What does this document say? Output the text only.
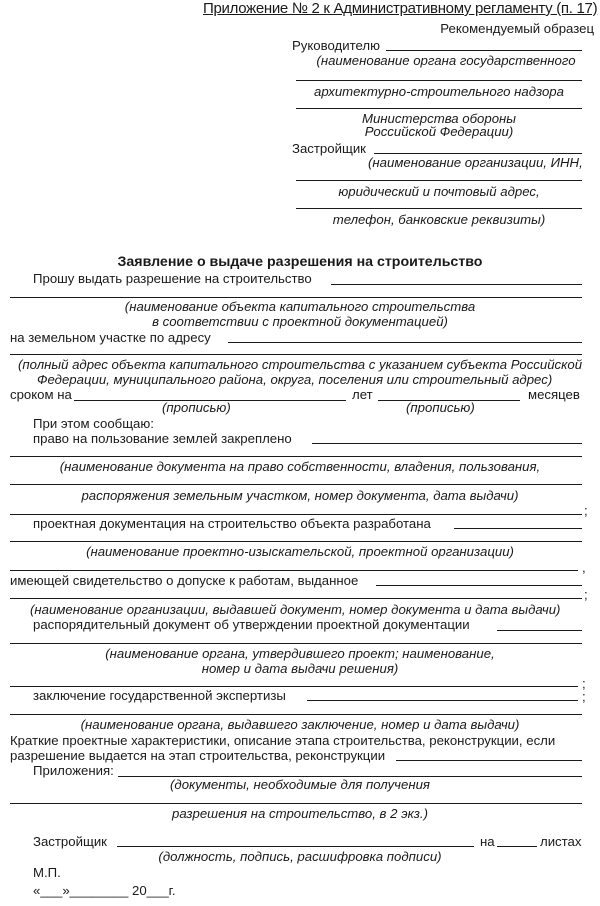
Приложение № 2 к Административному регламенту (п. 17)
Рекомендуемый образец
Руководителю
(наименование органа государственного
архитектурно-строительного надзора
Министерства обороны
Российской Федерации)
Застройщик
(наименование организации, ИНН,
юридический и почтовый адрес,
телефон, банковские реквизиты)
Заявление о выдаче разрешения на строительство
Прошу выдать разрешение на строительство
(наименование объекта капитального строительства
в соответствии с проектной документацией)
на земельном участке по адресу
(полный адрес объекта капитального строительства с указанием субъекта Российской
Федерации, муниципального района, округа, поселения или строительный адрес)
сроком на	лет	месяцев
(прописью)	(прописью)
При этом сообщаю:
право на пользование землей закреплено
(наименование документа на право собственности, владения, пользования,
распоряжения земельным участком, номер документа, дата выдачи)
;
проектная документация на строительство объекта разработана
(наименование проектно-изыскательской, проектной организации)
,
имеющей свидетельство о допуске к работам, выданное
;
(наименование организации, выдавшей документ, номер документа и дата выдачи)
распорядительный документ об утверждении проектной документации
(наименование органа, утвердившего проект; наименование,
номер и дата выдачи решения)
;
заключение государственной экспертизы	;
(наименование органа, выдавшего заключение, номер и дата выдачи)
Краткие проектные характеристики, описание этапа строительства, реконструкции, если
разрешение выдается на этап строительства, реконструкции
Приложения:
(документы, необходимые для получения
разрешения на строительство, в 2 экз.)
Застройщик	на	листах
(должность, подпись, расшифровка подписи)
М.П.
«___»________ 20___г.
